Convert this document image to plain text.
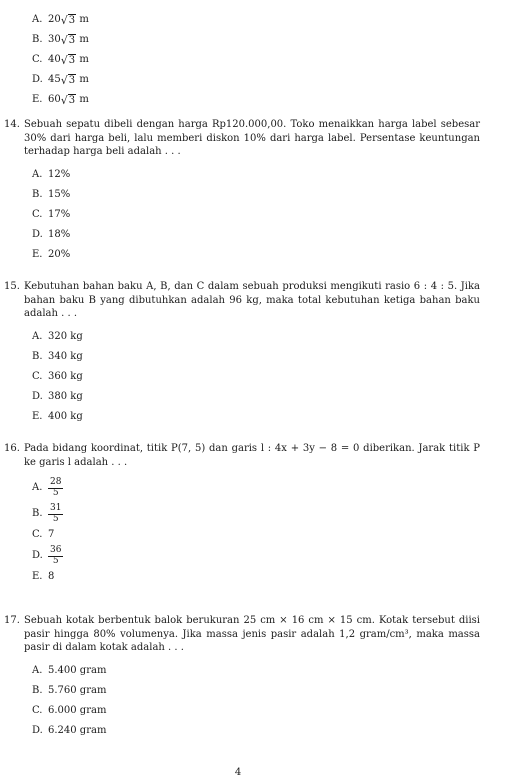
A. 20 √ 3
m
B. 30 √ 3
m
C. 40 √ 3
m
D. 45 √ 3
m
E. 60 √ 3
m
14. Sebuah sepatu dibeli dengan harga Rp120.000,00. Toko menaikkan harga label sebesar 30% dari harga beli, lalu memberi diskon 10% dari harga label. Persentase keuntungan terhadap harga beli adalah . . .
A. 12%
B. 15%
C. 17%
D. 18%
E. 20%
15. Kebutuhan bahan baku A, B, dan C dalam sebuah produksi mengikuti rasio 6 : 4 : 5. Jika bahan baku B yang dibutuhkan adalah 96 kg, maka total kebutuhan ketiga bahan baku adalah . . .
A. 320 kg
B. 340 kg
C. 360 kg
D. 380 kg
E. 400 kg
16. Pada bidang koordinat, titik P(7, 5) dan garis l : 4x + 3y − 8 = 0 diberikan. Jarak titik P ke garis l adalah . . .
A. $\frac{28}{5}$
B. $\frac{31}{5}$
C. 7
D. $\frac{36}{5}$
E. 8
17. Sebuah kotak berbentuk balok berukuran 25 cm × 16 cm × 15 cm. Kotak tersebut diisi pasir hingga 80% volumenya. Jika massa jenis pasir adalah 1,2 gram/cm³, maka massa pasir di dalam kotak adalah . . .
A. 5.400 gram
B. 5.760 gram
C. 6.000 gram
D. 6.240 gram
4
